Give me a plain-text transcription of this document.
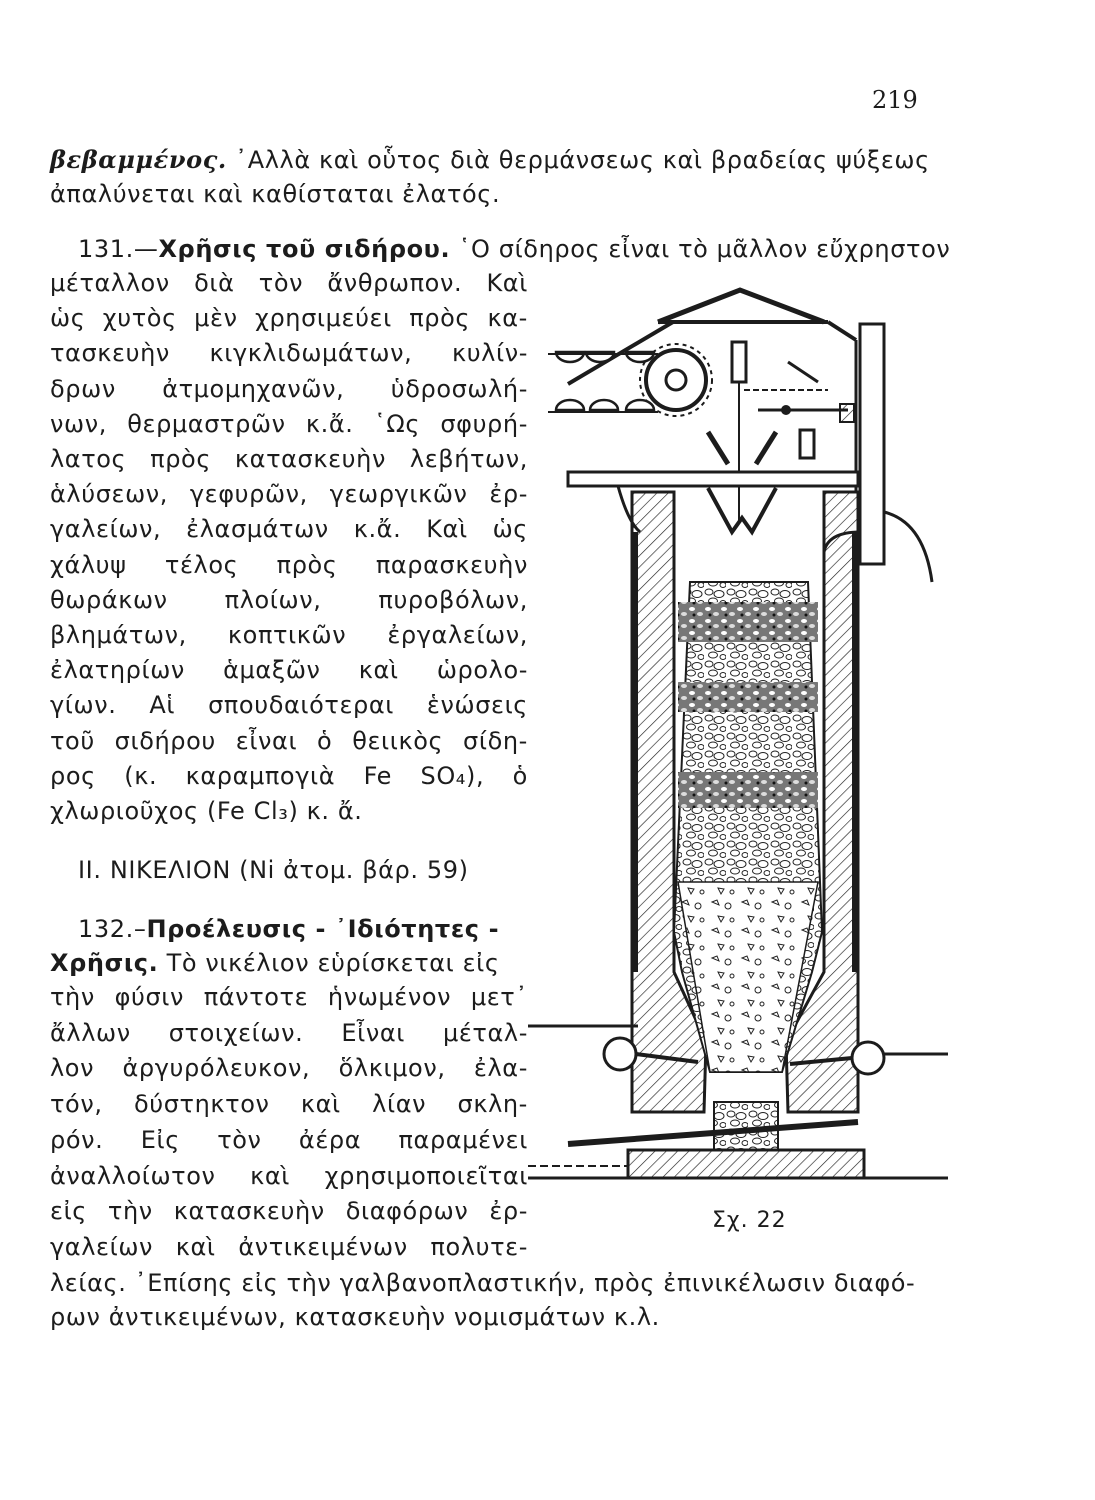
219
βεβαμμένος. ᾿Αλλὰ καὶ οὗτος διὰ θερμάνσεως καὶ βραδείας ψύξεως
ἀπαλύνεται καὶ καθίσταται ἐλατός.
131.—Χρῆσις τοῦ σιδήρου. ῾Ο σίδηρος εἶναι τὸ μᾶλλον εὔχρηστον
μέταλλον διὰ τὸν ἄνθρωπον. Καὶ
ὡς χυτὸς μὲν χρησιμεύει πρὸς κα-
τασκευὴν κιγκλιδωμάτων, κυλίν-
δρων ἀτμομηχανῶν, ὑδροσωλή-
νων, θερμαστρῶν κ.ἄ. ῾Ως σφυρή-
λατος πρὸς κατασκευὴν λεβήτων,
ἁλύσεων, γεφυρῶν, γεωργικῶν ἐρ-
γαλείων, ἐλασμάτων κ.ἄ. Καὶ ὡς
χάλυψ τέλος πρὸς παρασκευὴν
θωράκων πλοίων, πυροβόλων,
βλημάτων, κοπτικῶν ἐργαλείων,
ἐλατηρίων ἁμαξῶν καὶ ὡρολο-
γίων. Αἱ σπουδαιότεραι ἑνώσεις
τοῦ σιδήρου εἶναι ὁ θειικὸς σίδη-
ρος (κ. καραμπογιὰ Fe SO₄), ὁ
χλωριοῦχος (Fe Cl₃) κ. ἄ.
ΙΙ. ΝΙΚΕΛΙΟΝ (Ni ἀτομ. βάρ. 59)
132.–Προέλευσις - ᾿Ιδιότητες -
Χρῆσις. Τὸ νικέλιον εὑρίσκεται εἰς
τὴν φύσιν πάντοτε ἡνωμένον μετ᾿
ἄλλων στοιχείων. Εἶναι μέταλ-
λον ἀργυρόλευκον, ὅλκιμον, ἐλα-
τόν, δύστηκτον καὶ λίαν σκλη-
ρόν. Εἰς τὸν ἀέρα παραμένει
ἀναλλοίωτον καὶ χρησιμοποιεῖται
εἰς τὴν κατασκευὴν διαφόρων ἐρ-
γαλείων καὶ ἀντικειμένων πολυτε-
λείας. ᾿Επίσης εἰς τὴν γαλβανοπλαστικήν, πρὸς ἐπινικέλωσιν διαφό-
ρων ἀντικειμένων, κατασκευὴν νομισμάτων κ.λ.
Σχ. 22
